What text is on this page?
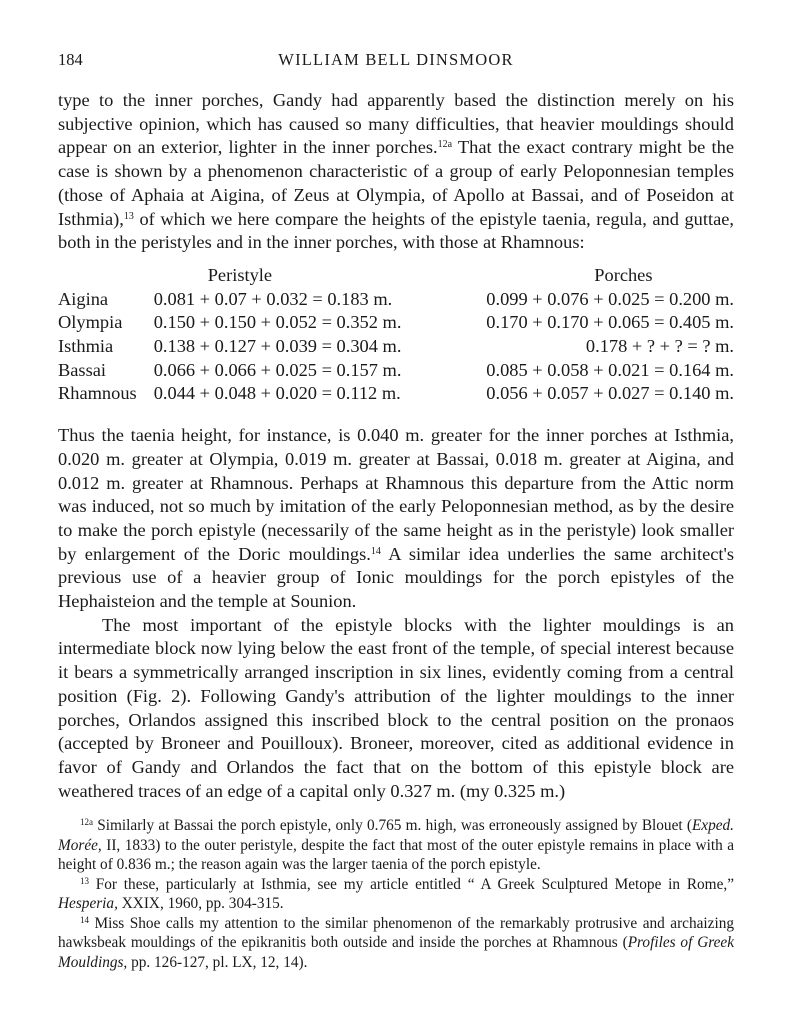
184	WILLIAM BELL DINSMOOR

type to the inner porches, Gandy had apparently based the distinction merely on his subjective opinion, which has caused so many difficulties, that heavier mouldings should appear on an exterior, lighter in the inner porches.$^{12a}$ That the exact contrary might be the case is shown by a phenomenon characteristic of a group of early Peloponnesian temples (those of Aphaia at Aigina, of Zeus at Olympia, of Apollo at Bassai, and of Poseidon at Isthmia),$^{13}$ of which we here compare the heights of the epistyle taenia, regula, and guttae, both in the peristyles and in the inner porches, with those at Rhamnous:

	Peristyle	Porches
Aigina	0.081 + 0.07 + 0.032 = 0.183 m.	0.099 + 0.076 + 0.025 = 0.200 m.
Olympia	0.150 + 0.150 + 0.052 = 0.352 m.	0.170 + 0.170 + 0.065 = 0.405 m.
Isthmia	0.138 + 0.127 + 0.039 = 0.304 m.	0.178 + ? + ? = ? m.
Bassai	0.066 + 0.066 + 0.025 = 0.157 m.	0.085 + 0.058 + 0.021 = 0.164 m.
Rhamnous	0.044 + 0.048 + 0.020 = 0.112 m.	0.056 + 0.057 + 0.027 = 0.140 m.

Thus the taenia height, for instance, is 0.040 m. greater for the inner porches at Isthmia, 0.020 m. greater at Olympia, 0.019 m. greater at Bassai, 0.018 m. greater at Aigina, and 0.012 m. greater at Rhamnous. Perhaps at Rhamnous this departure from the Attic norm was induced, not so much by imitation of the early Peloponnesian method, as by the desire to make the porch epistyle (necessarily of the same height as in the peristyle) look smaller by enlargement of the Doric mouldings.$^{14}$ A similar idea underlies the same architect's previous use of a heavier group of Ionic mouldings for the porch epistyles of the Hephaisteion and the temple at Sounion.

The most important of the epistyle blocks with the lighter mouldings is an intermediate block now lying below the east front of the temple, of special interest because it bears a symmetrically arranged inscription in six lines, evidently coming from a central position (Fig. 2). Following Gandy's attribution of the lighter mouldings to the inner porches, Orlandos assigned this inscribed block to the central position on the pronaos (accepted by Broneer and Pouilloux). Broneer, moreover, cited as additional evidence in favor of Gandy and Orlandos the fact that on the bottom of this epistyle block are weathered traces of an edge of a capital only 0.327 m. (my 0.325 m.)

$^{12a}$ Similarly at Bassai the porch epistyle, only 0.765 m. high, was erroneously assigned by Blouet (Exped. Morée, II, 1833) to the outer peristyle, despite the fact that most of the outer epistyle remains in place with a height of 0.836 m.; the reason again was the larger taenia of the porch epistyle.

$^{13}$ For these, particularly at Isthmia, see my article entitled “ A Greek Sculptured Metope in Rome,” Hesperia, XXIX, 1960, pp. 304-315.

$^{14}$ Miss Shoe calls my attention to the similar phenomenon of the remarkably protrusive and archaizing hawksbeak mouldings of the epikranitis both outside and inside the porches at Rhamnous (Profiles of Greek Mouldings, pp. 126-127, pl. LX, 12, 14).
